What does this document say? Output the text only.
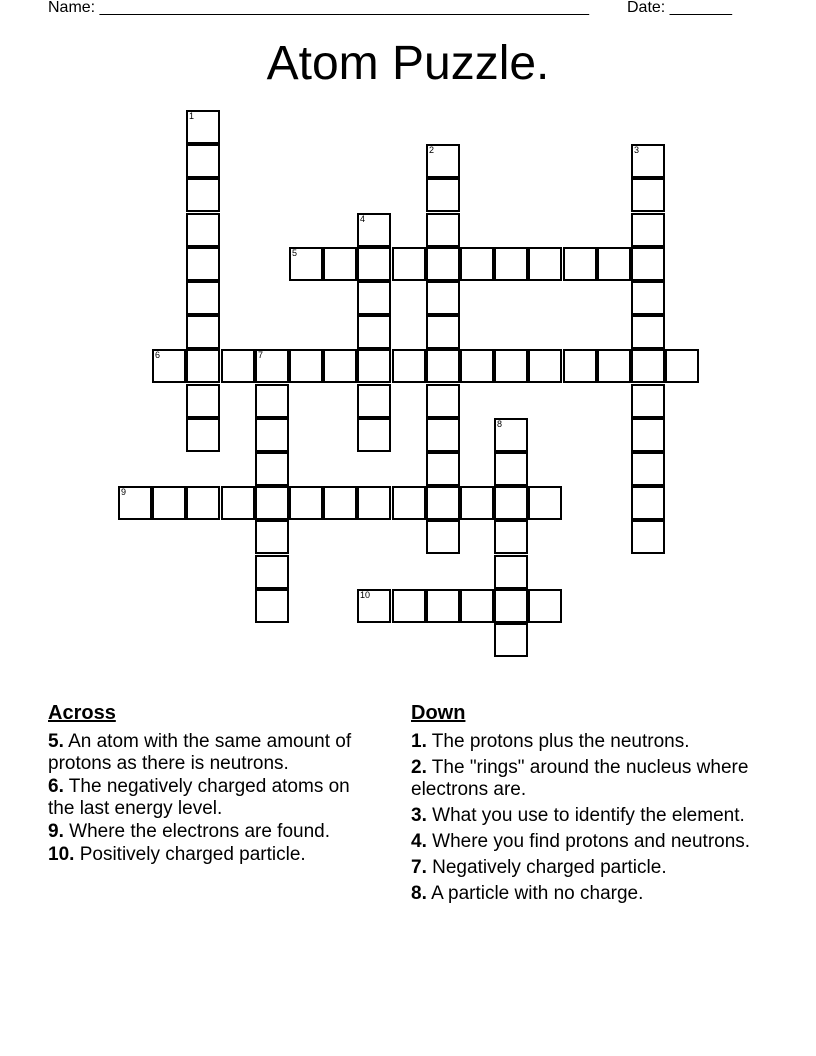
Name: _______________________________________________________ Date: _______
Atom Puzzle.
1
2	3
4
5
6	7
8
9
10
Across
5. An atom with the same amount of protons as there is neutrons.
6. The negatively charged atoms on the last energy level.
9. Where the electrons are found.
10. Positively charged particle.
Down
1. The protons plus the neutrons.
2. The "rings" around the nucleus where electrons are.
3. What you use to identify the element.
4. Where you find protons and neutrons.
7. Negatively charged particle.
8. A particle with no charge.
